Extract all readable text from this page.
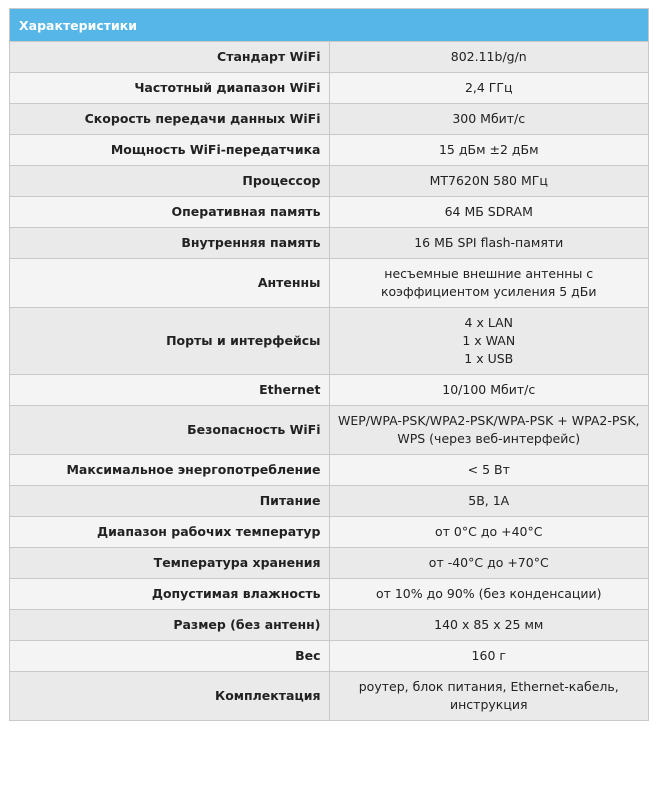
Характеристики	
Стандарт WiFi	802.11b/g/n

Частотный диапазон WiFi	2,4 ГГц

Скорость передачи данных WiFi	300 Мбит/с

Мощность WiFi-передатчика	15 дБм ±2 дБм

Процессор	MT7620N 580 МГц

Оперативная память	64 МБ SDRAM

Внутренняя память	16 МБ SPI flash-памяти

Антенны	несъемные внешние антенны с коэффициентом усиления 5 дБи

Порты и интерфейсы	4 x LAN
1 x WAN
1 x USB

Ethernet	10/100 Мбит/с

Безопасность WiFi	WEP/WPA-PSK/WPA2-PSK/WPA-PSK + WPA2-PSK, WPS (через веб-интерфейс)

Максимальное энергопотребление	< 5 Вт

Питание	5В, 1А

Диапазон рабочих температур	от 0°C до +40°C

Температура хранения	от -40°C до +70°C

Допустимая влажность	от 10% до 90% (без конденсации)

Размер (без антенн)	140 x 85 x 25 мм

Вес	160 г

Комплектация	роутер, блок питания, Ethernet-кабель, инструкция
